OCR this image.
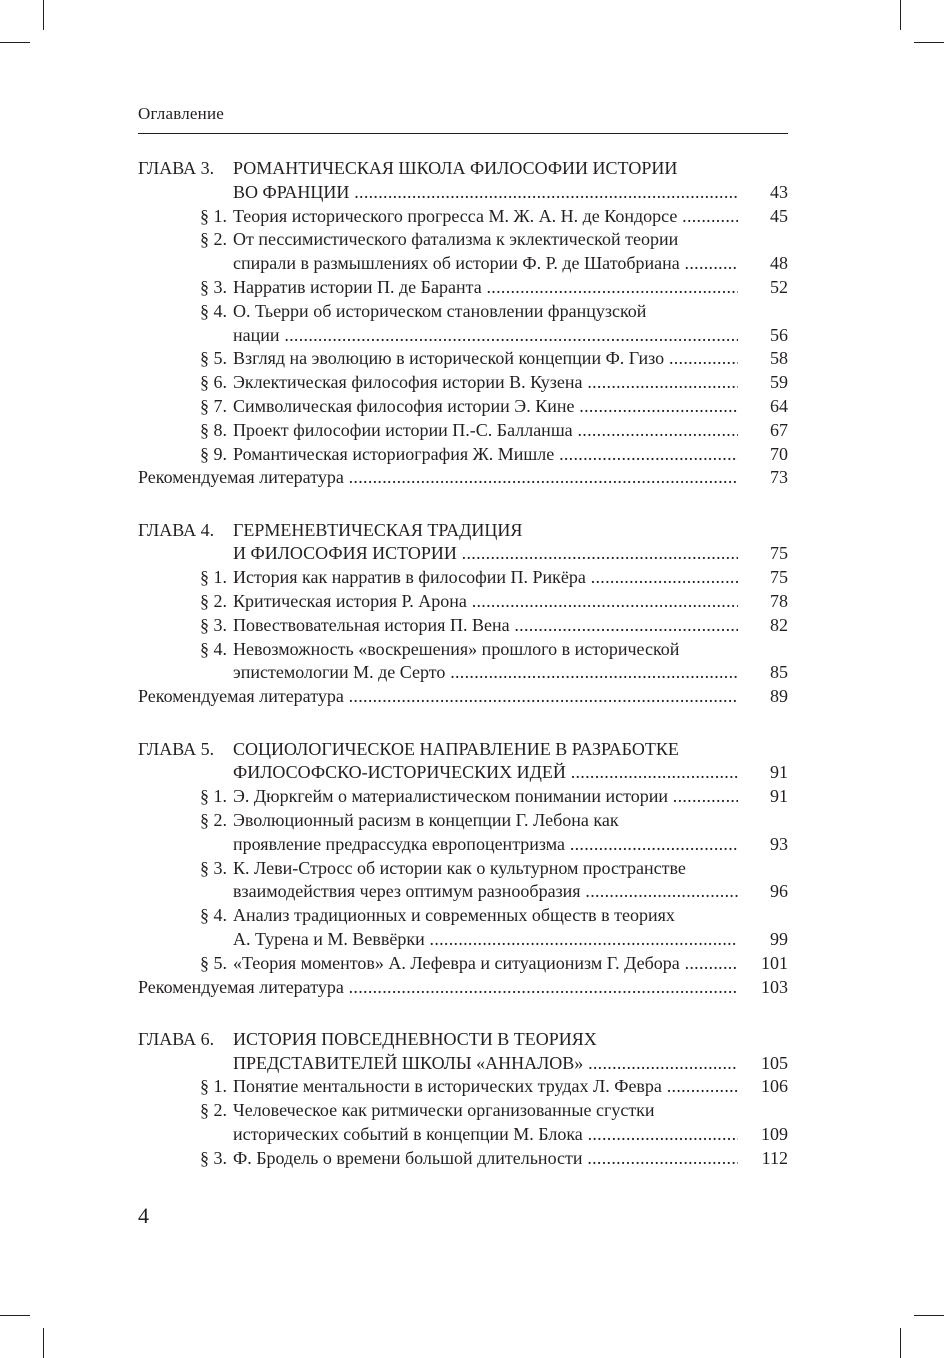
Оглавление
ГЛАВА 3. РОМАНТИЧЕСКАЯ ШКОЛА ФИЛОСОФИИ ИСТОРИИ
ВО ФРАНЦИИ .....	43
§ 1. Теория исторического прогресса М. Ж. А. Н. де Кондорсе .....	45
§ 2. От пессимистического фатализма к эклектической теории
спирали в размышлениях об истории Ф. Р. де Шатобриана .....	48
§ 3. Нарратив истории П. де Баранта .....	52
§ 4. О. Тьерри об историческом становлении французской
нации .....	56
§ 5. Взгляд на эволюцию в исторической концепции Ф. Гизо .....	58
§ 6. Эклектическая философия истории В. Кузена .....	59
§ 7. Символическая философия истории Э. Кине .....	64
§ 8. Проект философии истории П.-С. Балланша .....	67
§ 9. Романтическая историография Ж. Мишле .....	70
Рекомендуемая литература .....	73
ГЛАВА 4. ГЕРМЕНЕВТИЧЕСКАЯ ТРАДИЦИЯ
И ФИЛОСОФИЯ ИСТОРИИ .....	75
§ 1. История как нарратив в философии П. Рикёра .....	75
§ 2. Критическая история Р. Арона .....	78
§ 3. Повествовательная история П. Вена .....	82
§ 4. Невозможность «воскрешения» прошлого в исторической
эпистемологии М. де Серто .....	85
Рекомендуемая литература .....	89
ГЛАВА 5. СОЦИОЛОГИЧЕСКОЕ НАПРАВЛЕНИЕ В РАЗРАБОТКЕ
ФИЛОСОФСКО-ИСТОРИЧЕСКИХ ИДЕЙ .....	91
§ 1. Э. Дюркгейм о материалистическом понимании истории .....	91
§ 2. Эволюционный расизм в концепции Г. Лебона как
проявление предрассудка европоцентризма .....	93
§ 3. К. Леви-Стросс об истории как о культурном пространстве
взаимодействия через оптимум разнообразия .....	96
§ 4. Анализ традиционных и современных обществ в теориях
А. Турена и М. Веввёрки .....	99
§ 5. «Теория моментов» А. Лефевра и ситуационизм Г. Дебора .....	101
Рекомендуемая литература .....	103
ГЛАВА 6. ИСТОРИЯ ПОВСЕДНЕВНОСТИ В ТЕОРИЯХ
ПРЕДСТАВИТЕЛЕЙ ШКОЛЫ «АННАЛОВ» .....	105
§ 1. Понятие ментальности в исторических трудах Л. Февра .....	106
§ 2. Человеческое как ритмически организованные сгустки
исторических событий в концепции М. Блока .....	109
§ 3. Ф. Бродель о времени большой длительности .....	112
4
